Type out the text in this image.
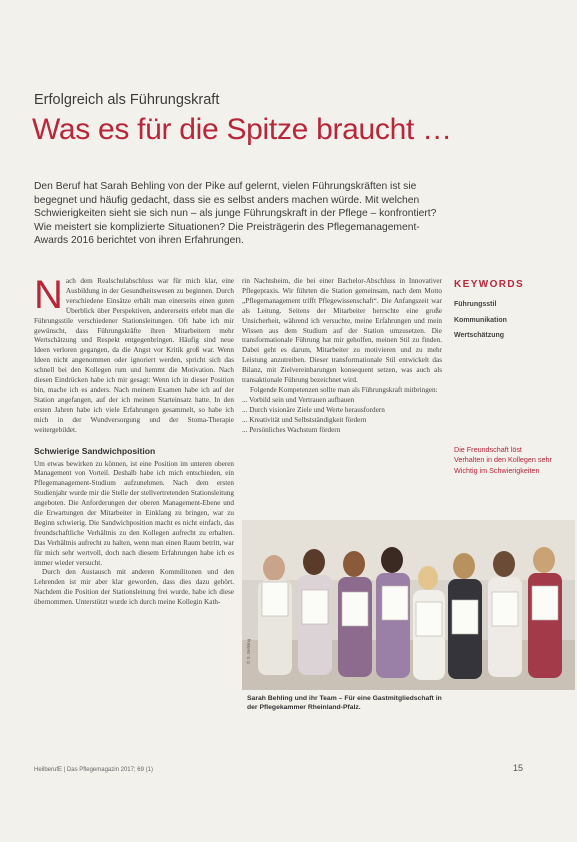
Erfolgreich als Führungskraft
Was es für die Spitze braucht …
Den Beruf hat Sarah Behling von der Pike auf gelernt, vielen Führungskräften ist sie begegnet und häufig gedacht, dass sie es selbst anders machen würde. Mit welchen Schwierigkeiten sieht sie sich nun – als junge Führungskraft in der Pflege – konfrontiert? Wie meistert sie komplizierte Situationen? Die Preisträgerin des Pflegemanagement-Awards 2016 berichtet von ihren Erfahrungen.

Nach dem Realschulabschluss war für mich klar, eine Ausbildung in der Gesundheitswesen zu beginnen. Durch verschiedene Einsätze erhält man einerseits einen guten Überblick über Perspektiven, andererseits erlebt man die Führungsstile verschiedener Stationsleitungen. Oft habe ich mir gewünscht, dass Führungskräfte ihren Mitarbeitern mehr Wertschätzung und Respekt entgegenbringen. Häufig sind neue Ideen verloren gegangen, da die Angst vor Kritik groß war. Wenn Ideen nicht angenommen oder ignoriert werden, spricht sich das schnell bei den Kollegen rum und hemmt die Motivation. Nach diesen Eindrücken habe ich mir gesagt: Wenn ich in dieser Position bin, mache ich es anders. Nach meinem Examen habe ich auf der Station angefangen, auf der ich meinen Starteinsatz hatte. In den ersten Jahren habe ich viele Erfahrungen gesammelt, so habe ich mich in der Wundversorgung und der Stoma-Therapie weitergebildet.

Schwierige Sandwichposition

Um etwas bewirken zu können, ist eine Position im unteren oberen Management von Vorteil. Deshalb habe ich mich entschieden, ein Pflegemanagement-Studium aufzunehmen. Nach dem ersten Studienjahr wurde mir die Stelle der stellvertretenden Stationsleitung angeboten. Die Anforderungen der oberen Management-Ebene und die Erwartungen der Mitarbeiter in Einklang zu bringen, war zu Beginn schwierig. Die Sandwichposition macht es nicht einfach, das freundschaftliche Verhältnis zu den Kollegen aufrecht zu erhalten. Das Verhältnis aufrecht zu halten, wenn man einen Raum betritt, war für mich sehr wertvoll, doch nach diesem Erfahrungen habe ich es immer wieder versucht.

Durch den Austausch mit anderen Kommilitonen und den Lehrenden ist mir aber klar geworden, dass dies dazu gehört. Nachdem die Position der Stationsleitung frei wurde, habe ich diese übernommen. Unterstützt wurde ich durch meine Kollegin Kath-

rin Nachtsheim, die bei einer Bachelor-Abschluss in Innovativer Pflegepraxis. Wir führten die Station gemeinsam, nach dem Motto „Pflegemanagement trifft Pflegewissenschaft“. Die Anfangszeit war als Leitung. Seitens der Mitarbeiter herrschte eine große Unsicherheit, während ich versuchte, meine Erfahrungen und mein Wissen aus dem Studium auf der Station umzusetzen. Die transformationale Führung hat mir geholfen, meinen Stil zu finden. Dabei geht es darum, Mitarbeiter zu motivieren und zu mehr Leistung anzutreiben. Dieser transformationale Stil entwickelt das Bilanz, mit Zielvereinbarungen konsequent setzen, was auch als transaktionale Führung bezeichnet wird.

Folgende Kompetenzen sollte man als Führungskraft mitbringen:

... Vorbild sein und Vertrauen aufbauen
... Durch visionäre Ziele und Werte herausfordern
... Kreativität und Selbstständigkeit fördern
... Persönliches Wachstum fördern
KEYWORDS
Führungsstil
Kommunikation
Wertschätzung
Die Freundschaft löst Verhalten in den Kollegen sehr Wichtig im Schwierigkeiten
© S. Behling
Sarah Behling und ihr Team – Für eine Gastmitgliedschaft in der Pflegekammer Rheinland-Pfalz.
HeilberufE | Das Pflegemagazin 2017; 69 (1)	15
